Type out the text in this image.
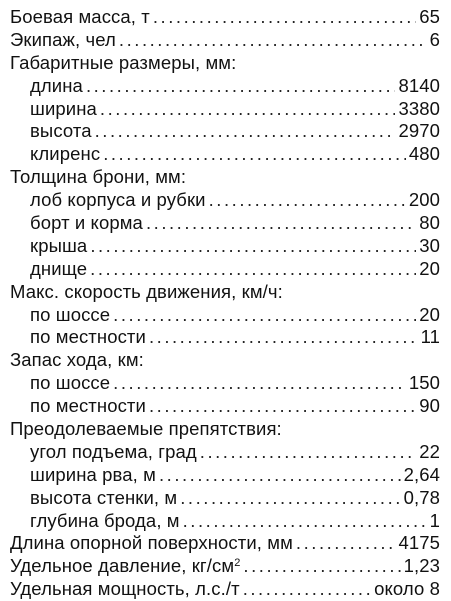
Боевая масса, т . . .	65
Экипаж, чел . . .	6
Габаритные размеры, мм:
длина . . .	8140
ширина . . .	3380
высота . . .	2970
клиренс . . .	480
Толщина брони, мм:
лоб корпуса и рубки . . .	200
борт и корма . . .	80
крыша . . .	30
днище . . .	20
Макс. скорость движения, км/ч:
по шоссе . . .	20
по местности . . .	11
Запас хода, км:
по шоссе . . .	150
по местности . . .	90
Преодолеваемые препятствия:
угол подъема, град . . .	22
ширина рва, м . . .	2,64
высота стенки, м . . .	0,78
глубина брода, м . . .	1
Длина опорной поверхности, мм . . .	4175
Удельное давление, $кг/см^2$ . . .	1,23
Удельная мощность, л.с./т . . .	около 8
